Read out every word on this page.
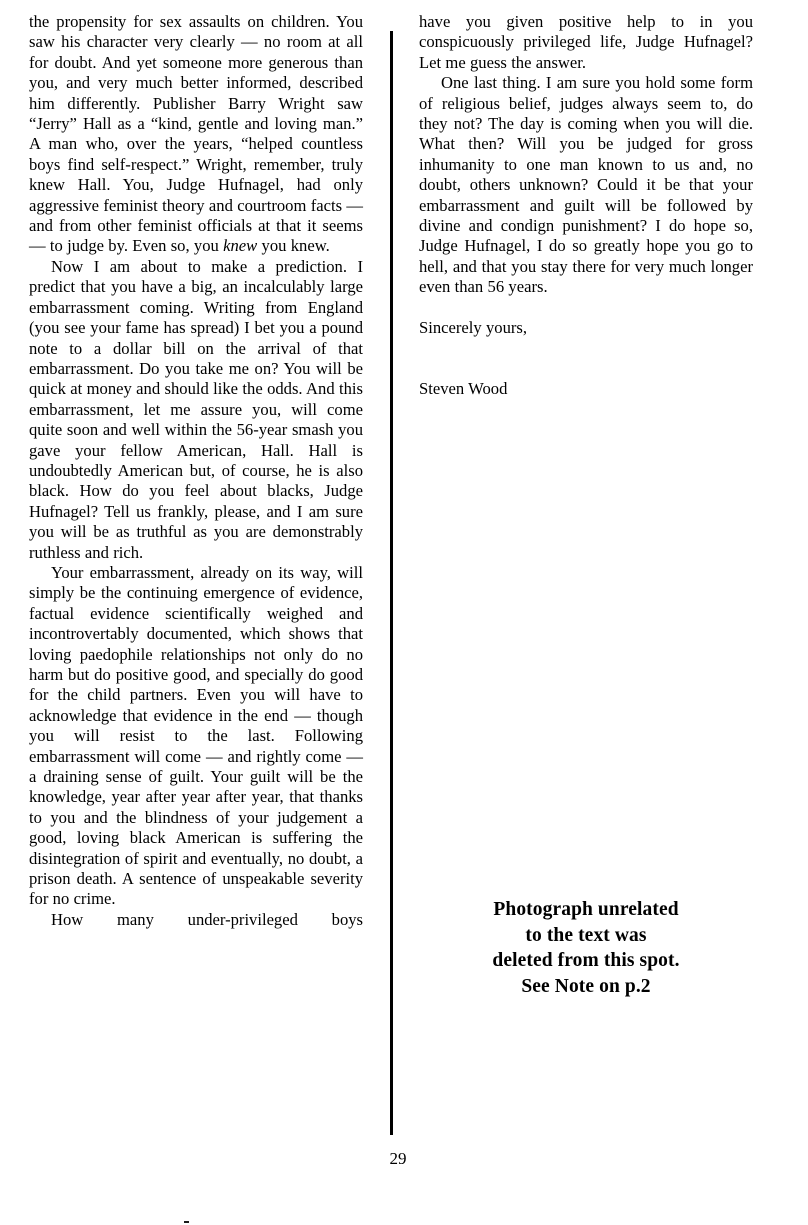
the propensity for sex assaults on children. You saw his character very clearly — no room at all for doubt. And yet someone more generous than you, and very much better informed, described him differently. Publisher Barry Wright saw “Jerry” Hall as a “kind, gentle and loving man.” A man who, over the years, “helped countless boys find self-respect.” Wright, remember, truly knew Hall. You, Judge Hufnagel, had only aggressive feminist theory and courtroom facts — and from other feminist officials at that it seems — to judge by. Even so, you knew you knew.

Now I am about to make a prediction. I predict that you have a big, an incalculably large embarrassment coming. Writing from England (you see your fame has spread) I bet you a pound note to a dollar bill on the arrival of that embarrassment. Do you take me on? You will be quick at money and should like the odds. And this embarrassment, let me assure you, will come quite soon and well within the 56-year smash you gave your fellow American, Hall. Hall is undoubtedly American but, of course, he is also black. How do you feel about blacks, Judge Hufnagel? Tell us frankly, please, and I am sure you will be as truthful as you are demonstrably ruthless and rich.

Your embarrassment, already on its way, will simply be the continuing emergence of evidence, factual evidence scientifically weighed and incontrovertably documented, which shows that loving paedophile relationships not only do no harm but do positive good, and specially do good for the child partners. Even you will have to acknowledge that evidence in the end — though you will resist to the last. Following embarrassment will come — and rightly come — a draining sense of guilt. Your guilt will be the knowledge, year after year after year, that thanks to you and the blindness of your judgement a good, loving black American is suffering the disintegration of spirit and eventually, no doubt, a prison death. A sentence of unspeakable severity for no crime.

How many under-privileged boys

have you given positive help to in you conspicuously privileged life, Judge Hufnagel? Let me guess the answer.

One last thing. I am sure you hold some form of religious belief, judges always seem to, do they not? The day is coming when you will die. What then? Will you be judged for gross inhumanity to one man known to us and, no doubt, others unknown? Could it be that your embarrassment and guilt will be followed by divine and condign punishment? I do hope so, Judge Hufnagel, I do so greatly hope you go to hell, and that you stay there for very much longer even than 56 years.

Sincerely yours,

Steven Wood

Photograph unrelated
to the text was
deleted from this spot.
See Note on p.2
29
